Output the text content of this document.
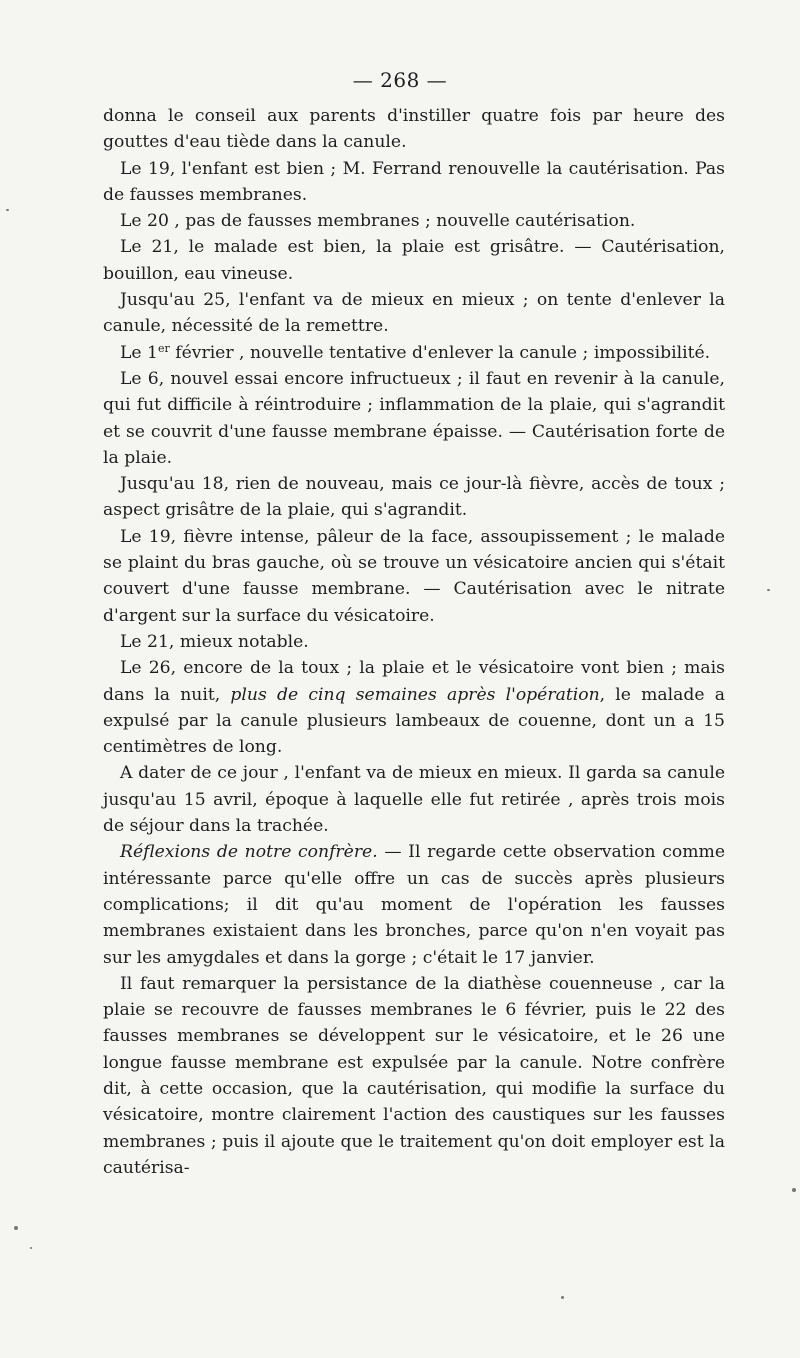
— 268 —

donna le conseil aux parents d'instiller quatre fois par heure des gouttes d'eau tiède dans la canule.

Le 19, l'enfant est bien ; M. Ferrand renouvelle la cautérisation. Pas de fausses membranes.

Le 20 , pas de fausses membranes ; nouvelle cautérisation.

Le 21, le malade est bien, la plaie est grisâtre. — Cautérisation, bouillon, eau vineuse.

Jusqu'au 25, l'enfant va de mieux en mieux ; on tente d'enlever la canule, nécessité de la remettre.

Le 1er février , nouvelle tentative d'enlever la canule ; impossibilité.

Le 6, nouvel essai encore infructueux ; il faut en revenir à la canule, qui fut difficile à réintroduire ; inflammation de la plaie, qui s'agrandit et se couvrit d'une fausse membrane épaisse. — Cautérisation forte de la plaie.

Jusqu'au 18, rien de nouveau, mais ce jour-là fièvre, accès de toux ; aspect grisâtre de la plaie, qui s'agrandit.

Le 19, fièvre intense, pâleur de la face, assoupissement ; le malade se plaint du bras gauche, où se trouve un vésicatoire ancien qui s'était couvert d'une fausse membrane. — Cautérisation avec le nitrate d'argent sur la surface du vésicatoire.

Le 21, mieux notable.

Le 26, encore de la toux ; la plaie et le vésicatoire vont bien ; mais dans la nuit, plus de cinq semaines après l'opération, le malade a expulsé par la canule plusieurs lambeaux de couenne, dont un a 15 centimètres de long.

A dater de ce jour , l'enfant va de mieux en mieux. Il garda sa canule jusqu'au 15 avril, époque à laquelle elle fut retirée , après trois mois de séjour dans la trachée.

Réflexions de notre confrère. — Il regarde cette observation comme intéressante parce qu'elle offre un cas de succès après plusieurs complications; il dit qu'au moment de l'opération les fausses membranes existaient dans les bronches, parce qu'on n'en voyait pas sur les amygdales et dans la gorge ; c'était le 17 janvier.

Il faut remarquer la persistance de la diathèse couenneuse , car la plaie se recouvre de fausses membranes le 6 février, puis le 22 des fausses membranes se développent sur le vésicatoire, et le 26 une longue fausse membrane est expulsée par la canule. Notre confrère dit, à cette occasion, que la cautérisation, qui modifie la surface du vésicatoire, montre clairement l'action des caustiques sur les fausses membranes ; puis il ajoute que le traitement qu'on doit employer est la cautérisa-
